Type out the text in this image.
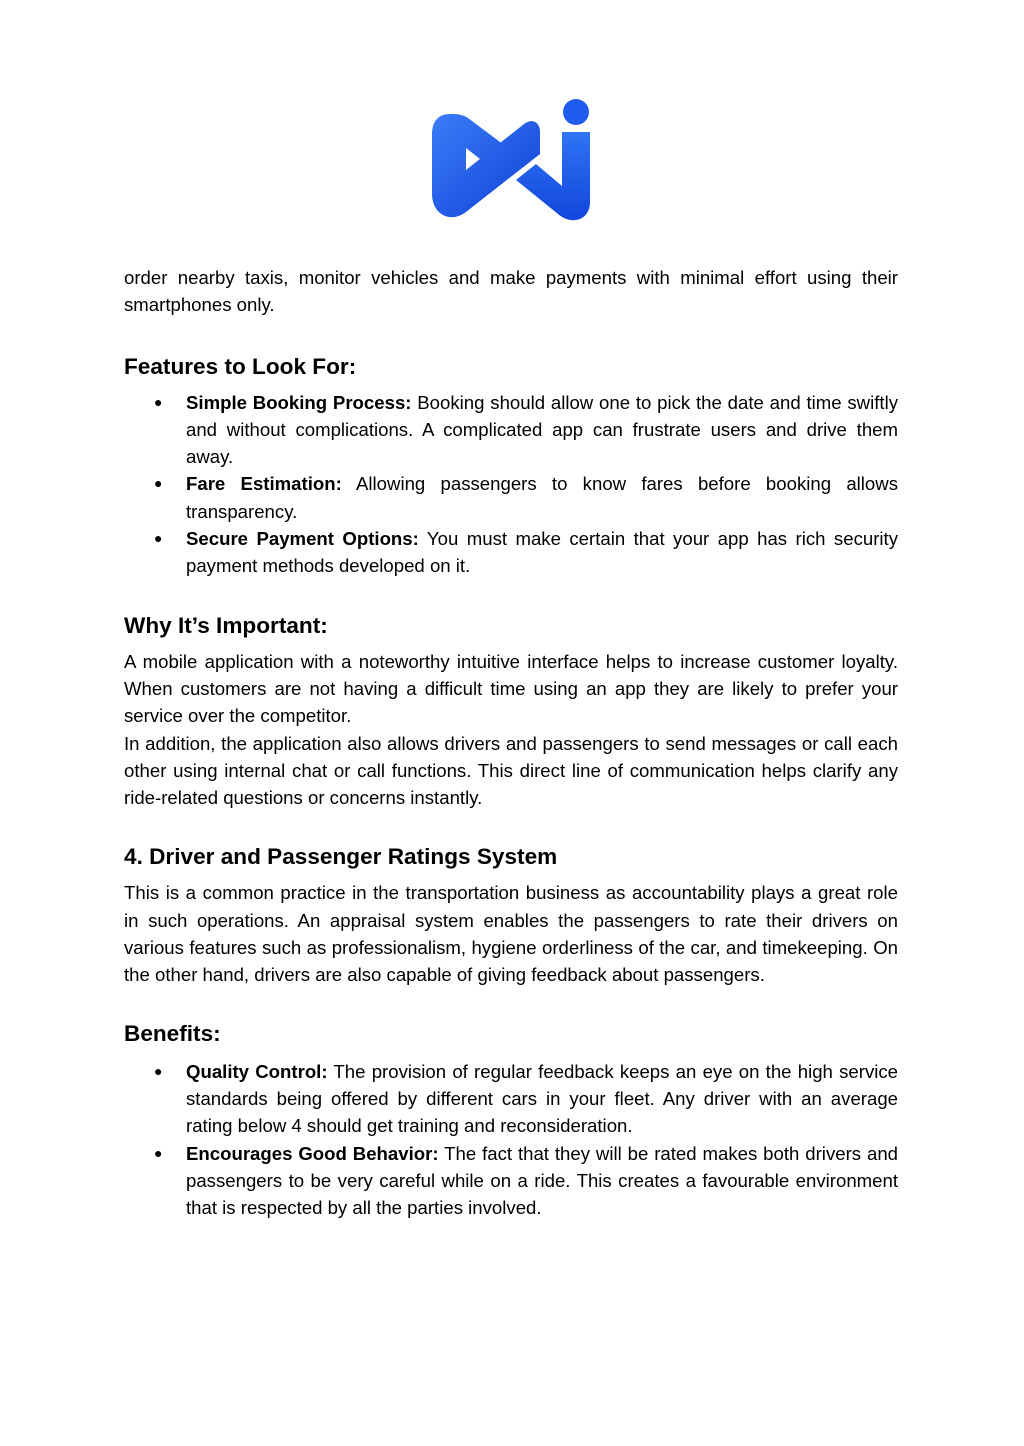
order nearby taxis, monitor vehicles and make payments with minimal effort using their smartphones only.

Features to Look For:
● Simple Booking Process: Booking should allow one to pick the date and time swiftly and without complications. A complicated app can frustrate users and drive them away.
● Fare Estimation: Allowing passengers to know fares before booking allows transparency.
● Secure Payment Options: You must make certain that your app has rich security payment methods developed on it.
Why It’s Important:

A mobile application with a noteworthy intuitive interface helps to increase customer loyalty. When customers are not having a difficult time using an app they are likely to prefer your service over the competitor.

In addition, the application also allows drivers and passengers to send messages or call each other using internal chat or call functions. This direct line of communication helps clarify any ride-related questions or concerns instantly.

4. Driver and Passenger Ratings System

This is a common practice in the transportation business as accountability plays a great role in such operations. An appraisal system enables the passengers to rate their drivers on various features such as professionalism, hygiene orderliness of the car, and timekeeping. On the other hand, drivers are also capable of giving feedback about passengers.

Benefits:
● Quality Control: The provision of regular feedback keeps an eye on the high service standards being offered by different cars in your fleet. Any driver with an average rating below 4 should get training and reconsideration.
● Encourages Good Behavior: The fact that they will be rated makes both drivers and passengers to be very careful while on a ride. This creates a favourable environment that is respected by all the parties involved.
